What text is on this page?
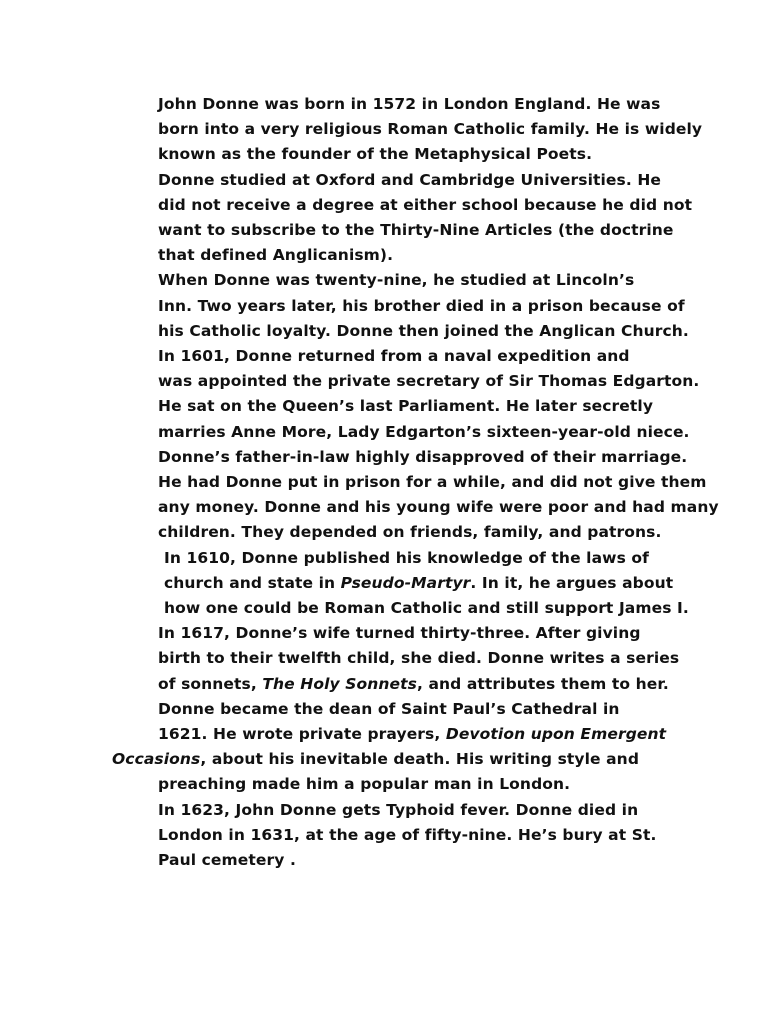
John Donne was born in 1572 in London England. He was
born into a very religious Roman Catholic family. He is widely
known as the founder of the Metaphysical Poets.

Donne studied at Oxford and Cambridge Universities. He
did not receive a degree at either school because he did not
want to subscribe to the Thirty-Nine Articles (the doctrine
that defined Anglicanism).

When Donne was twenty-nine, he studied at Lincoln’s
Inn. Two years later, his brother died in a prison because of
his Catholic loyalty. Donne then joined the Anglican Church.

In 1601, Donne returned from a naval expedition and
was appointed the private secretary of Sir Thomas Edgarton.
He sat on the Queen’s last Parliament. He later secretly
marries Anne More, Lady Edgarton’s sixteen-year-old niece.
Donne’s father-in-law highly disapproved of their marriage.
He had Donne put in prison for a while, and did not give them
any money. Donne and his young wife were poor and had many
children. They depended on friends, family, and patrons.

In 1610, Donne published his knowledge of the laws of
church and state in Pseudo-Martyr. In it, he argues about
how one could be Roman Catholic and still support James I.

In 1617, Donne’s wife turned thirty-three. After giving
birth to their twelfth child, she died. Donne writes a series
of sonnets, The Holy Sonnets, and attributes them to her.

Donne became the dean of Saint Paul’s Cathedral in
1621. He wrote private prayers, Devotion upon Emergent
Occasions, about his inevitable death. His writing style and
preaching made him a popular man in London.

In 1623, John Donne gets Typhoid fever. Donne died in
London in 1631, at the age of fifty-nine. He’s bury at St.
Paul cemetery .
